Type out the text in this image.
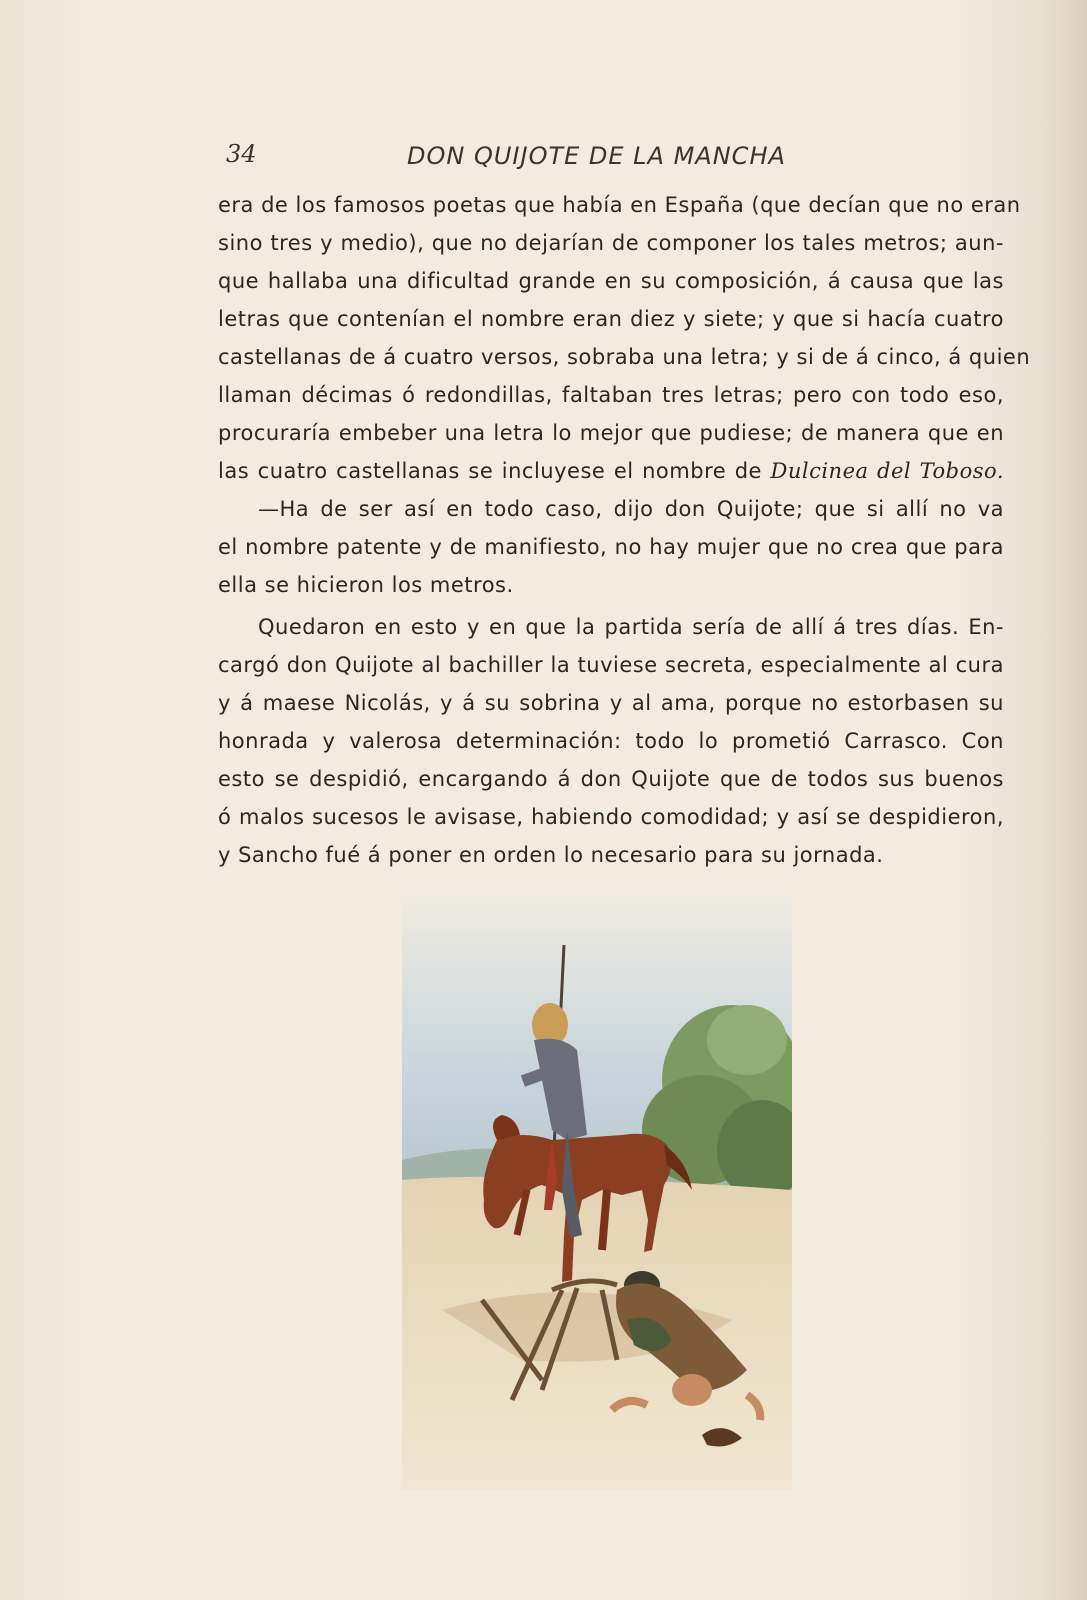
34	DON QUIJOTE DE LA MANCHA
era de los famosos poetas que había en España (que decían que no eran
sino tres y medio), que no dejarían de componer los tales metros; aun-
que hallaba una dificultad grande en su composición, á causa que las
letras que contenían el nombre eran diez y siete; y que si hacía cuatro
castellanas de á cuatro versos, sobraba una letra; y si de á cinco, á quien
llaman décimas ó redondillas, faltaban tres letras; pero con todo eso,
procuraría embeber una letra lo mejor que pudiese; de manera que en
las cuatro castellanas se incluyese el nombre de Dulcinea del Toboso.
—Ha de ser así en todo caso, dijo don Quijote; que si allí no va
el nombre patente y de manifiesto, no hay mujer que no crea que para
ella se hicieron los metros.
Quedaron en esto y en que la partida sería de allí á tres días. En-
cargó don Quijote al bachiller la tuviese secreta, especialmente al cura
y á maese Nicolás, y á su sobrina y al ama, porque no estorbasen su
honrada y valerosa determinación: todo lo prometió Carrasco. Con
esto se despidió, encargando á don Quijote que de todos sus buenos
ó malos sucesos le avisase, habiendo comodidad; y así se despidieron,
y Sancho fué á poner en orden lo necesario para su jornada.
